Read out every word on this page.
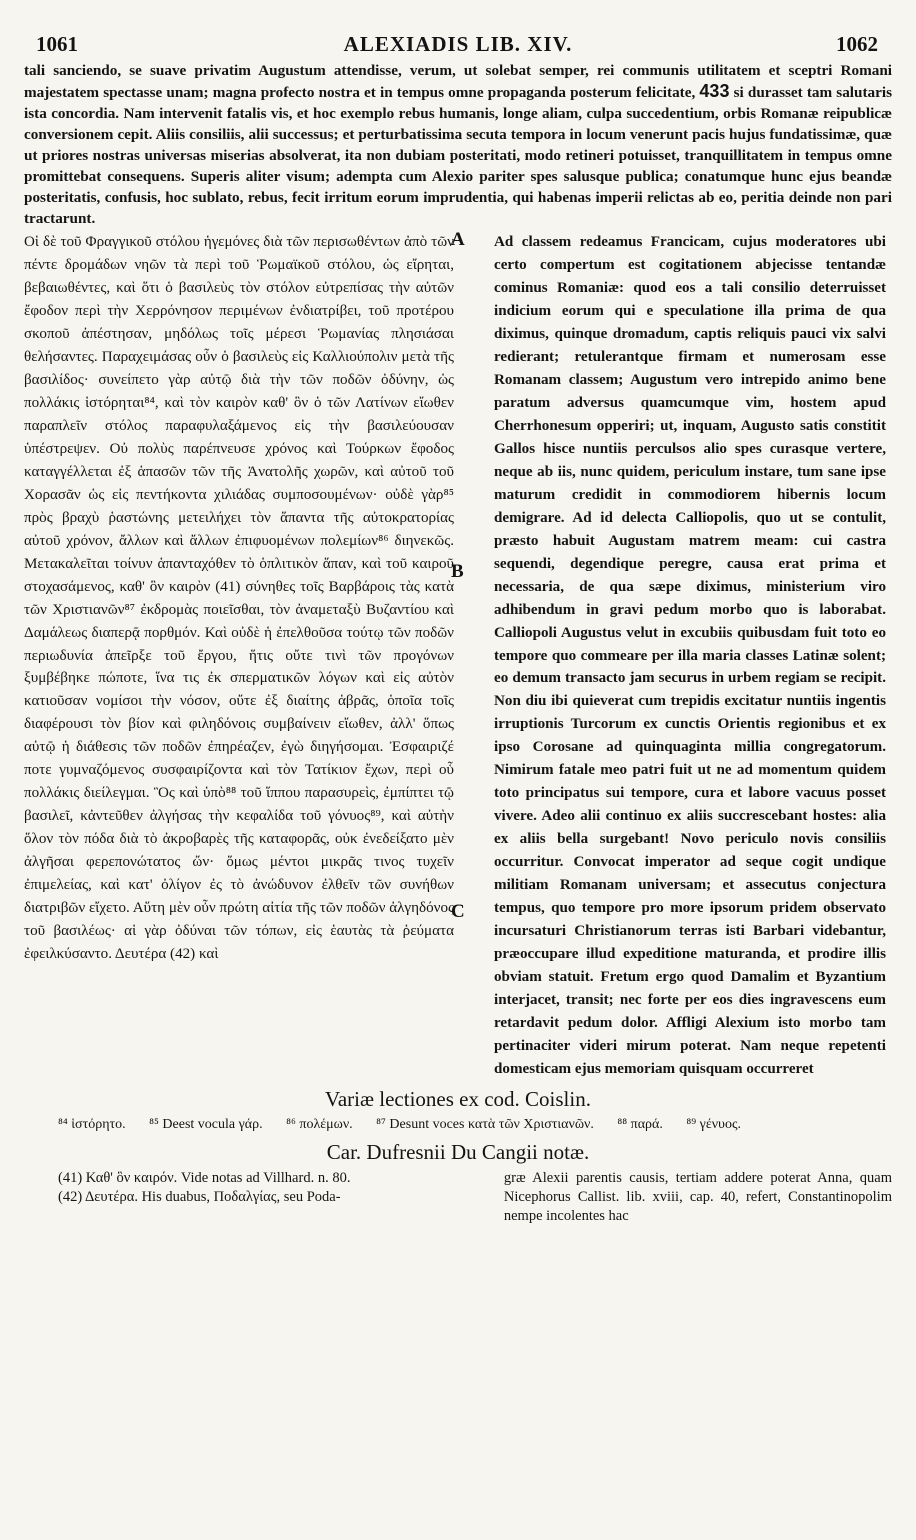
1061	ALEXIADIS LIB. XIV.	1062

tali sanciendo, se suave privatim Augustum attendisse, verum, ut solebat semper, rei communis utilitatem et sceptri Romani majestatem spectasse unam; magna profecto nostra et in tempus omne propaganda posterum felicitate, 433 si durasset tam salutaris ista concordia. Nam intervenit fatalis vis, et hoc exemplo rebus humanis, longe aliam, culpa succedentium, orbis Romanæ reipublicæ conversionem cepit. Aliis consiliis, alii successus; et perturbatissima secuta tempora in locum venerunt pacis hujus fundatissimæ, quæ ut priores nostras universas miserias absolverat, ita non dubiam posteritati, modo retineri potuisset, tranquillitatem in tempus omne promittebat consequens. Superis aliter visum; adempta cum Alexio pariter spes salusque publica; conatumque hunc ejus beandæ posteritatis, confusis, hoc sublato, rebus, fecit irritum eorum imprudentia, qui habenas imperii relictas ab eo, peritia deinde non pari tractarunt.

Οἱ δὲ τοῦ Φραγγικοῦ στόλου ἡγεμόνες διὰ τῶν περισωθέντων ἀπὸ τῶν πέντε δρομάδων νηῶν τὰ περὶ τοῦ Ῥωμαϊκοῦ στόλου, ὡς εἴρηται, βεβαιωθέντες, καὶ ὅτι ὁ βασιλεὺς τὸν στόλον εὐτρεπίσας τὴν αὐτῶν ἔφοδον περὶ τὴν Χερρόνησον περιμένων ἐνδιατρίβει, τοῦ προτέρου σκοποῦ ἀπέστησαν, μηδόλως τοῖς μέρεσι Ῥωμανίας πλησιάσαι θελήσαντες. Παραχειμάσας οὖν ὁ βασιλεὺς εἰς Καλλιούπολιν μετὰ τῆς βασιλίδος· συνείπετο γὰρ αὐτῷ διὰ τὴν τῶν ποδῶν ὀδύνην, ὡς πολλάκις ἱστόρηται⁸⁴, καὶ τὸν καιρὸν καθ' ὃν ὁ τῶν Λατίνων εἴωθεν παραπλεῖν στόλος παραφυλαξάμενος εἰς τὴν βασιλεύουσαν ὑπέστρεψεν. Οὐ πολὺς παρέπνευσε χρόνος καὶ Τούρκων ἔφοδος καταγγέλλεται ἐξ ἁπασῶν τῶν τῆς Ἀνατολῆς χωρῶν, καὶ αὐτοῦ τοῦ Χορασᾶν ὡς εἰς πεντήκοντα χιλιάδας συμποσουμένων· οὐδὲ γὰρ⁸⁵ πρὸς βραχὺ ῥαστώνης μετειλήχει τὸν ἅπαντα τῆς αὐτοκρατορίας αὐτοῦ χρόνον, ἄλλων καὶ ἄλλων ἐπιφυομένων πολεμίων⁸⁶ διηνεκῶς. Μετακαλεῖται τοίνυν ἁπανταχόθεν τὸ ὁπλιτικὸν ἅπαν, καὶ τοῦ καιροῦ στοχασάμενος, καθ' ὃν καιρὸν (41) σύνηθες τοῖς Βαρβάροις τὰς κατὰ τῶν Χριστιανῶν⁸⁷ ἐκδρομὰς ποιεῖσθαι, τὸν ἀναμεταξὺ Βυζαντίου καὶ Δαμάλεως διαπερᾷ πορθμόν. Καὶ οὐδὲ ἡ ἐπελθοῦσα τούτῳ τῶν ποδῶν περιωδυνία ἀπεῖρξε τοῦ ἔργου, ἥτις οὔτε τινὶ τῶν προγόνων ξυμβέβηκε πώποτε, ἵνα τις ἐκ σπερματικῶν λόγων καὶ εἰς αὐτὸν κατιοῦσαν νομίσοι τὴν νόσον, οὔτε ἐξ διαίτης ἁβρᾶς, ὁποῖα τοῖς διαφέρουσι τὸν βίον καὶ φιληδόνοις συμβαίνειν εἴωθεν, ἀλλ' ὅπως αὐτῷ ἡ διάθεσις τῶν ποδῶν ἐπηρέαζεν, ἐγὼ διηγήσομαι. Ἐσφαιριζέ ποτε γυμναζόμενος συσφαιρίζοντα καὶ τὸν Τατίκιον ἔχων, περὶ οὗ πολλάκις διείλεγμαι. Ὃς καὶ ὑπὸ⁸⁸ τοῦ ἵππου παρασυρεὶς, ἐμπίπτει τῷ βασιλεῖ, κἀντεῦθεν ἀλγήσας τὴν κεφαλίδα τοῦ γόνυος⁸⁹, καὶ αὐτὴν ὅλον τὸν πόδα διὰ τὸ ἀκροβαρὲς τῆς καταφορᾶς, οὐκ ἐνεδείξατο μὲν ἀλγῆσαι φερεπονώτατος ὤν· ὅμως μέντοι μικρᾶς τινος τυχεῖν ἐπιμελείας, καὶ κατ' ὀλίγον ἐς τὸ ἀνώδυνον ἐλθεῖν τῶν συνήθων διατριβῶν εἴχετο. Αὕτη μὲν οὖν πρώτη αἰτία τῆς τῶν ποδῶν ἀλγηδόνος τοῦ βασιλέως· αἱ γὰρ ὀδύναι τῶν τόπων, εἰς ἑαυτὰς τὰ ῥεύματα ἐφειλκύσαντο. Δευτέρα (42) καὶ

A
B
C

Ad classem redeamus Francicam, cujus moderatores ubi certo compertum est cogitationem abjecisse tentandæ cominus Romaniæ: quod eos a tali consilio deterruisset indicium eorum qui e speculatione illa prima de qua diximus, quinque dromadum, captis reliquis pauci vix salvi redierant; retulerantque firmam et numerosam esse Romanam classem; Augustum vero intrepido animo bene paratum adversus quamcumque vim, hostem apud Cherrhonesum opperiri; ut, inquam, Augusto satis constitit Gallos hisce nuntiis perculsos alio spes curasque vertere, neque ab iis, nunc quidem, periculum instare, tum sane ipse maturum credidit in commodiorem hibernis locum demigrare. Ad id delecta Calliopolis, quo ut se contulit, præsto habuit Augustam matrem meam: cui castra sequendi, degendique peregre, causa erat prima et necessaria, de qua sæpe diximus, ministerium viro adhibendum in gravi pedum morbo quo is laborabat. Calliopoli Augustus velut in excubiis quibusdam fuit toto eo tempore quo commeare per illa maria classes Latinæ solent; eo demum transacto jam securus in urbem regiam se recipit. Non diu ibi quieverat cum trepidis excitatur nuntiis ingentis irruptionis Turcorum ex cunctis Orientis regionibus et ex ipso Corosane ad quinquaginta millia congregatorum. Nimirum fatale meo patri fuit ut ne ad momentum quidem toto principatus sui tempore, cura et labore vacuus posset vivere. Adeo alii continuo ex aliis succrescebant hostes: alia ex aliis bella surgebant! Novo periculo novis consiliis occurritur. Convocat imperator ad seque cogit undique militiam Romanam universam; et assecutus conjectura tempus, quo tempore pro more ipsorum pridem observato incursaturi Christianorum terras isti Barbari videbantur, præoccupare illud expeditione maturanda, et prodire illis obviam statuit. Fretum ergo quod Damalim et Byzantium interjacet, transit; nec forte per eos dies ingravescens eum retardavit pedum dolor. Affligi Alexium isto morbo tam pertinaciter videri mirum poterat. Nam neque repetenti domesticam ejus memoriam quisquam occurreret

Variæ lectiones ex cod. Coislin.
⁸⁴ ἱστόρητο. ⁸⁵ Deest vocula γάρ. ⁸⁶ πολέμων. ⁸⁷ Desunt voces κατὰ τῶν Χριστιανῶν. ⁸⁸ παρά. ⁸⁹ γένυος.
Car. Dufresnii Du Cangii notæ.

(41) Καθ' ὃν καιρόν. Vide notas ad Villhard. n. 80.

(42) Δευτέρα. His duabus, Ποδαλγίας, seu Poda-

græ Alexii parentis causis, tertiam addere poterat Anna, quam Nicephorus Callist. lib. xviii, cap. 40, refert, Constantinopolim nempe incolentes hac
